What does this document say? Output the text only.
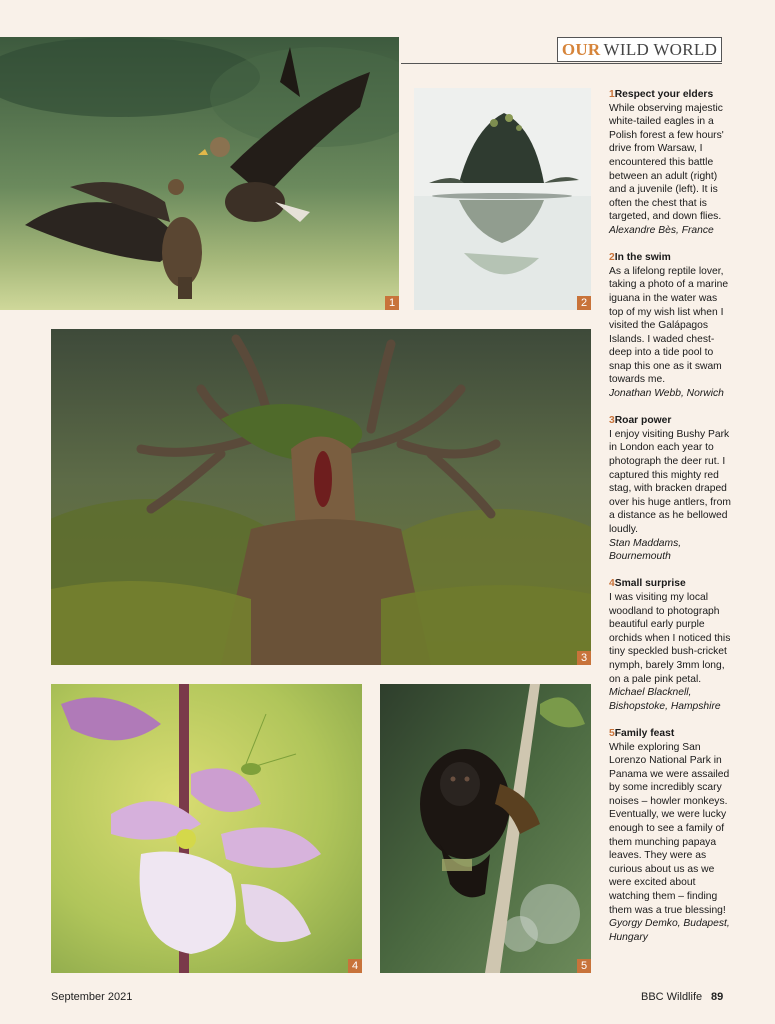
OUR WILD WORLD
1	2
3
4	5
1Respect your elders
While observing majestic white-tailed eagles in a Polish forest a few hours' drive from Warsaw, I encountered this battle between an adult (right) and a juvenile (left). It is often the chest that is targeted, and down flies.
Alexandre Bès, France
2In the swim
As a lifelong reptile lover, taking a photo of a marine iguana in the water was top of my wish list when I visited the Galápagos Islands. I waded chest-deep into a tide pool to snap this one as it swam towards me.
Jonathan Webb, Norwich
3Roar power
I enjoy visiting Bushy Park in London each year to photograph the deer rut. I captured this mighty red stag, with bracken draped over his huge antlers, from a distance as he bellowed loudly.
Stan Maddams, Bournemouth
4Small surprise
I was visiting my local woodland to photograph beautiful early purple orchids when I noticed this tiny speckled bush-cricket nymph, barely 3mm long, on a pale pink petal.
Michael Blacknell, Bishopstoke, Hampshire
5Family feast
While exploring San Lorenzo National Park in Panama we were assailed by some incredibly scary noises – howler monkeys. Eventually, we were lucky enough to see a family of them munching papaya leaves. They were as curious about us as we were excited about watching them – finding them was a true blessing!
Gyorgy Demko, Budapest, Hungary
September 2021	BBC Wildlife 89
